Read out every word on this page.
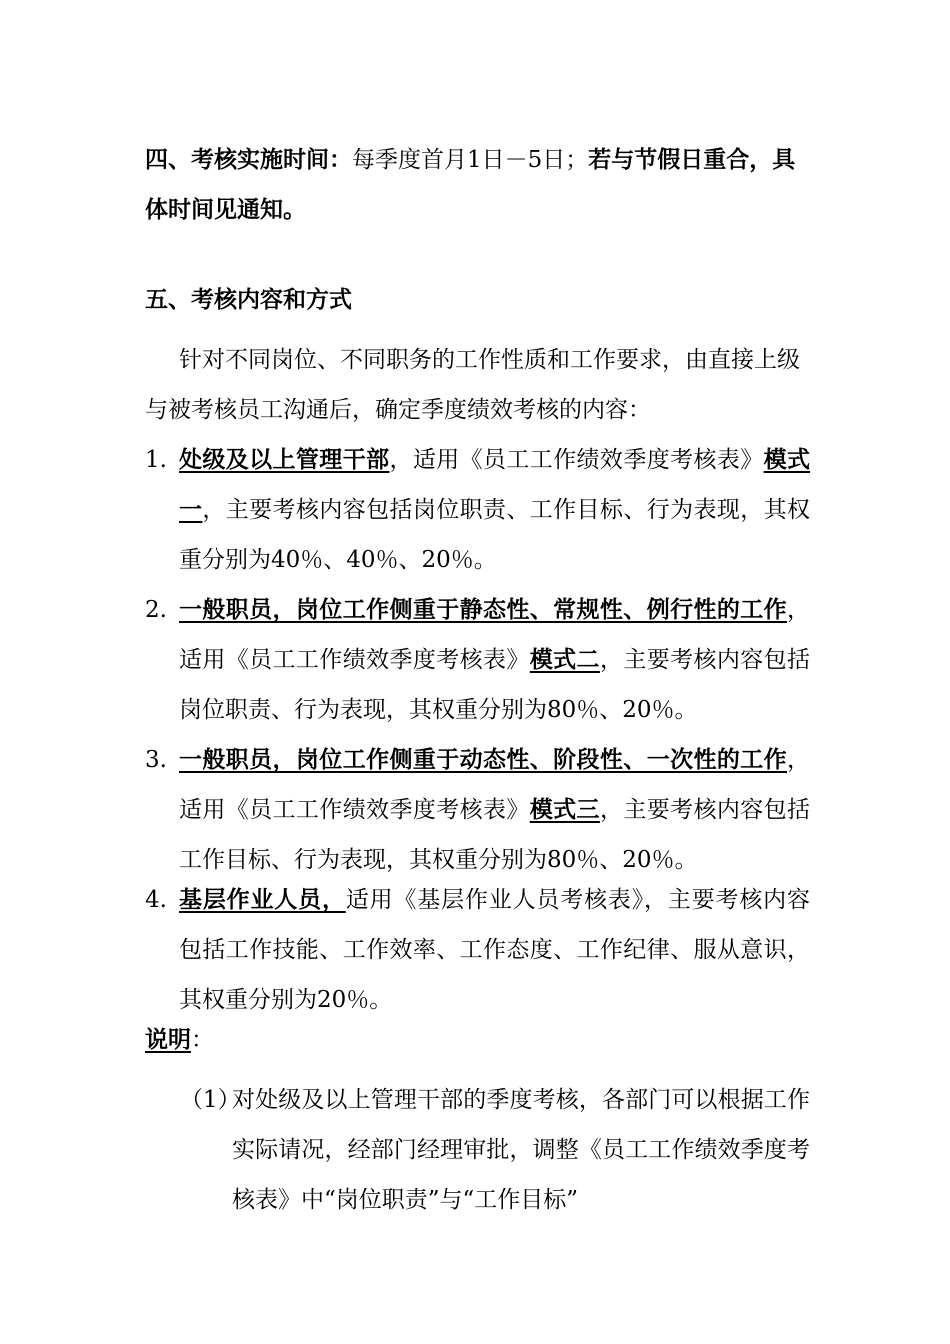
四、考核实施时间：每季度首月1日－5日；若与节假日重合，具体时间见通知。
五、考核内容和方式
针对不同岗位、不同职务的工作性质和工作要求，由直接上级与被考核员工沟通后，确定季度绩效考核的内容：
1. 处级及以上管理干部，适用《员工工作绩效季度考核表》模式一，主要考核内容包括岗位职责、工作目标、行为表现，其权重分别为40％、40％、20％。
2. 一般职员，岗位工作侧重于静态性、常规性、例行性的工作，适用《员工工作绩效季度考核表》模式二，主要考核内容包括岗位职责、行为表现，其权重分别为80％、20％。
3. 一般职员，岗位工作侧重于动态性、阶段性、一次性的工作，适用《员工工作绩效季度考核表》模式三，主要考核内容包括工作目标、行为表现，其权重分别为80％、20％。
4. 基层作业人员，适用《基层作业人员考核表》，主要考核内容包括工作技能、工作效率、工作态度、工作纪律、服从意识，其权重分别为20％。
说明：
（1）
对处级及以上管理干部的季度考核，各部门可以根据工作实际请况，经部门经理审批，调整《员工工作绩效季度考核表》中“岗位职责”与“工作目标”
